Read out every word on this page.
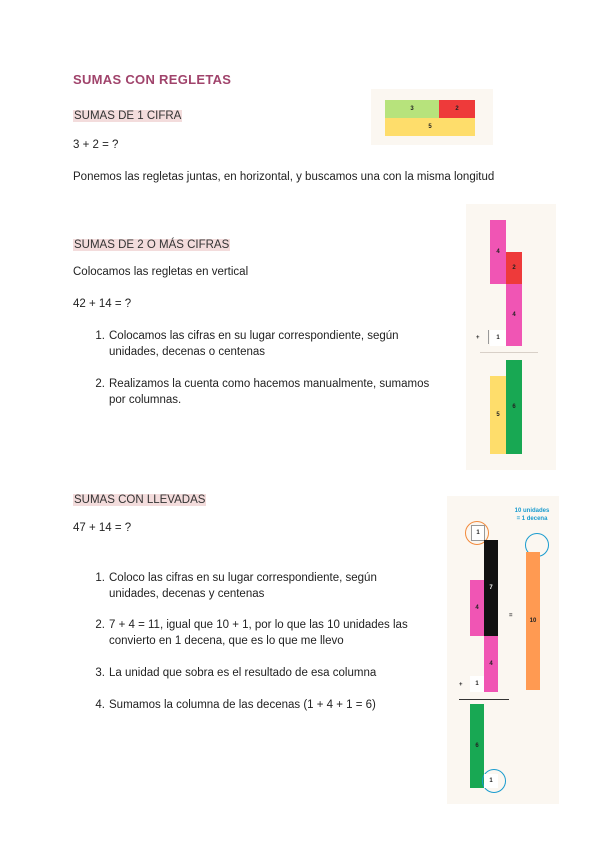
SUMAS CON REGLETAS
SUMAS DE 1 CIFRA
3 + 2 = ?
Ponemos las regletas juntas, en horizontal, y buscamos una con la misma longitud
3	2
5
SUMAS DE 2 O MÁS CIFRAS
Colocamos las regletas en vertical
42 + 14 = ?
1. Colocamos las cifras en su lugar correspondiente, según
unidades, decenas o centenas
2. Realizamos la cuenta como hacemos manualmente, sumamos
por columnas.
4
2
+	1
4
5
6
SUMAS CON LLEVADAS
47 + 14 = ?
1. Coloco las cifras en su lugar correspondiente, según
unidades, decenas y centenas
2. 7 + 4 = 11, igual que 10 + 1, por lo que las 10 unidades las
convierto en 1 decena, que es lo que me llevo
3. La unidad que sobra es el resultado de esa columna
4. Sumamos la columna de las decenas (1 + 4 + 1 = 6)
10 unidades
= 1 decena
1
4
7
=
10
+	1
4
6
1
